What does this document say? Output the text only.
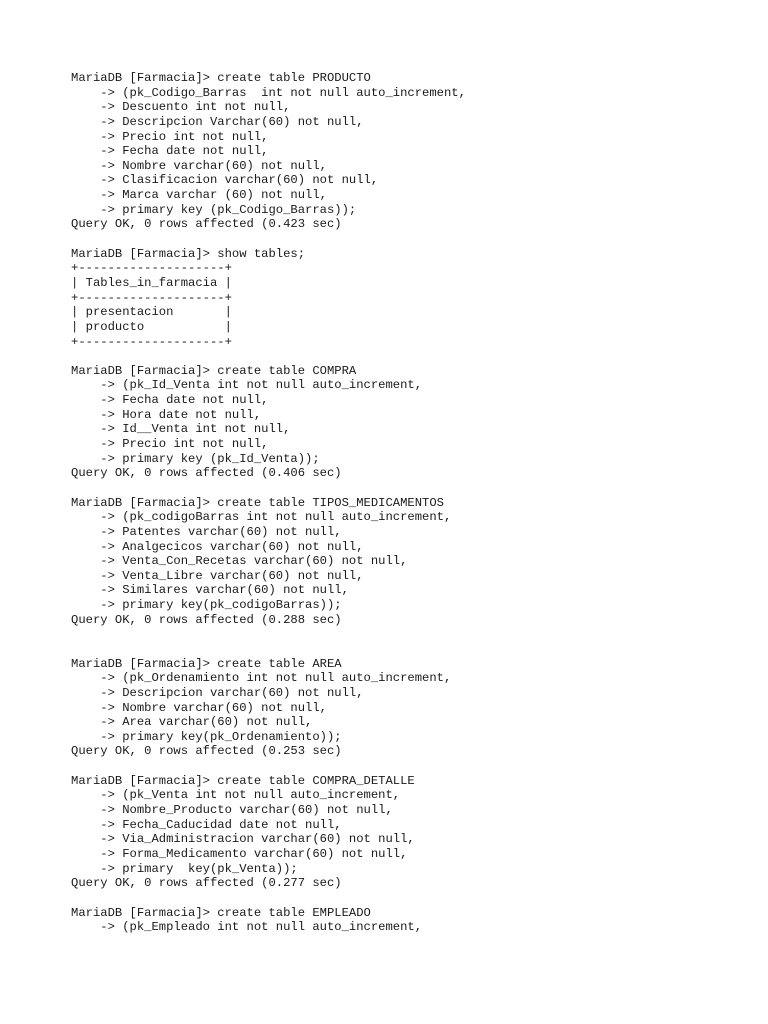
MariaDB [Farmacia]> create table PRODUCTO
-> (pk_Codigo_Barras  int not null auto_increment,
-> Descuento int not null,
-> Descripcion Varchar(60) not null,
-> Precio int not null,
-> Fecha date not null,
-> Nombre varchar(60) not null,
-> Clasificacion varchar(60) not null,
-> Marca varchar (60) not null,
-> primary key (pk_Codigo_Barras));
Query OK, 0 rows affected (0.423 sec)
MariaDB [Farmacia]> show tables;
+--------------------+
| Tables_in_farmacia |
+--------------------+
| presentacion       |
| producto           |
+--------------------+
MariaDB [Farmacia]> create table COMPRA
-> (pk_Id_Venta int not null auto_increment,
-> Fecha date not null,
-> Hora date not null,
-> Id__Venta int not null,
-> Precio int not null,
-> primary key (pk_Id_Venta));
Query OK, 0 rows affected (0.406 sec)
MariaDB [Farmacia]> create table TIPOS_MEDICAMENTOS
-> (pk_codigoBarras int not null auto_increment,
-> Patentes varchar(60) not null,
-> Analgecicos varchar(60) not null,
-> Venta_Con_Recetas varchar(60) not null,
-> Venta_Libre varchar(60) not null,
-> Similares varchar(60) not null,
-> primary key(pk_codigoBarras));
Query OK, 0 rows affected (0.288 sec)
MariaDB [Farmacia]> create table AREA
-> (pk_Ordenamiento int not null auto_increment,
-> Descripcion varchar(60) not null,
-> Nombre varchar(60) not null,
-> Area varchar(60) not null,
-> primary key(pk_Ordenamiento));
Query OK, 0 rows affected (0.253 sec)
MariaDB [Farmacia]> create table COMPRA_DETALLE
-> (pk_Venta int not null auto_increment,
-> Nombre_Producto varchar(60) not null,
-> Fecha_Caducidad date not null,
-> Via_Administracion varchar(60) not null,
-> Forma_Medicamento varchar(60) not null,
-> primary  key(pk_Venta));
Query OK, 0 rows affected (0.277 sec)
MariaDB [Farmacia]> create table EMPLEADO
-> (pk_Empleado int not null auto_increment,
